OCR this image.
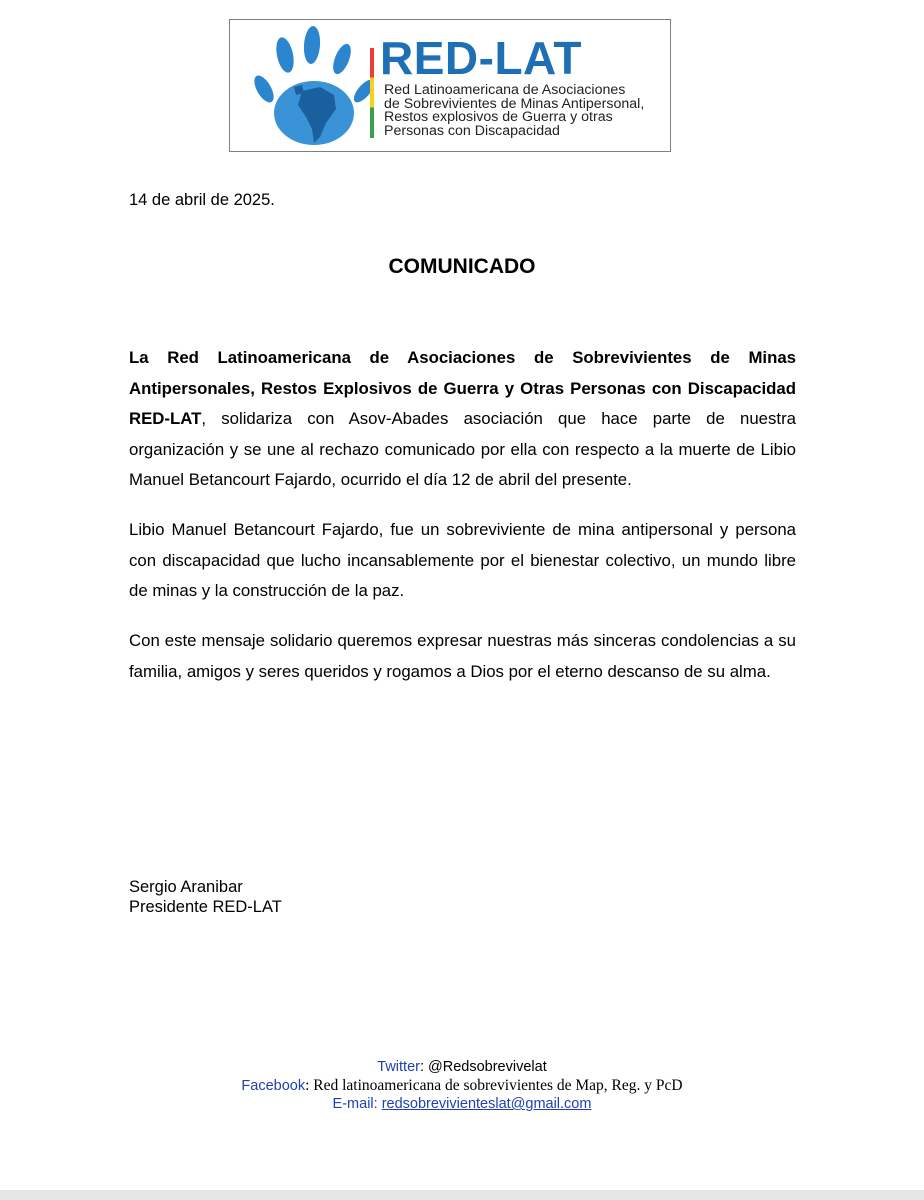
RED-LAT

Red Latinoamericana de Asociaciones
de Sobrevivientes de Minas Antipersonal,
Restos explosivos de Guerra y otras
Personas con Discapacidad

14 de abril de 2025.

COMUNICADO

La Red Latinoamericana de Asociaciones de Sobrevivientes de Minas Antipersonales, Restos Explosivos de Guerra y Otras Personas con Discapacidad RED-LAT, solidariza con Asov-Abades asociación que hace parte de nuestra organización y se une al rechazo comunicado por ella con respecto a la muerte de Libio Manuel Betancourt Fajardo, ocurrido el día 12 de abril del presente.

Libio Manuel Betancourt Fajardo, fue un sobreviviente de mina antipersonal y persona con discapacidad que lucho incansablemente por el bienestar colectivo, un mundo libre de minas y la construcción de la paz.

Con este mensaje solidario queremos expresar nuestras más sinceras condolencias a su familia, amigos y seres queridos y rogamos a Dios por el eterno descanso de su alma.

Sergio Aranibar
Presidente RED-LAT

Twitter: @Redsobrevivelat
Facebook: Red latinoamericana de sobrevivientes de Map, Reg. y PcD
E-mail: redsobrevivienteslat@gmail.com
